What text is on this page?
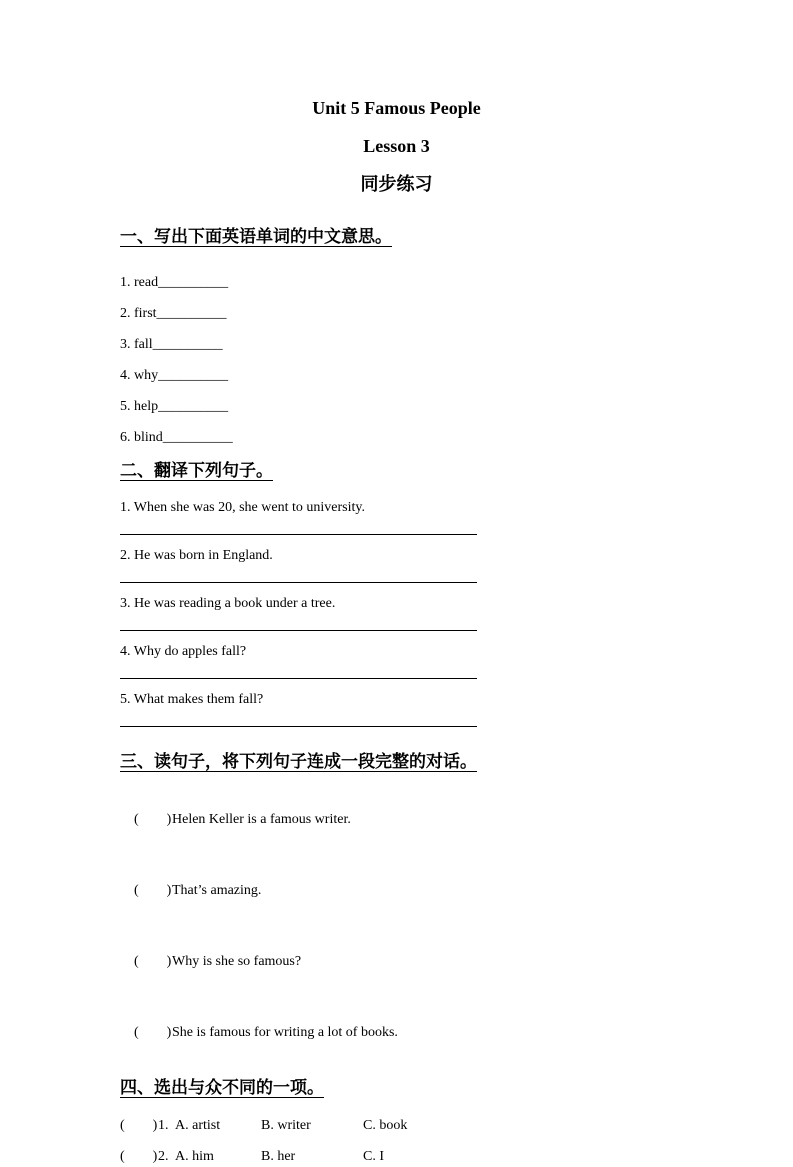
Unit 5 Famous People
Lesson 3
同步练习
一、写出下面英语单词的中文意思。
1. read__________
2. first__________
3. fall__________
4. why__________
5. help__________
6. blind__________
二、翻译下列句子。
1. When she was 20, she went to university.
2. He was born in England.
3. He was reading a book under a tree.
4. Why do apples fall?
5. What makes them fall?
三、读句子，将下列句子连成一段完整的对话。

(　　)Helen Keller is a famous writer.

(　　)That’s amazing.

(　　)Why is she so famous?

(　　)She is famous for writing a lot of books.

四、选出与众不同的一项。
(　　) 1. A. artist	B. writer	C. book
(　　) 2. A. him	B. her	C. I
